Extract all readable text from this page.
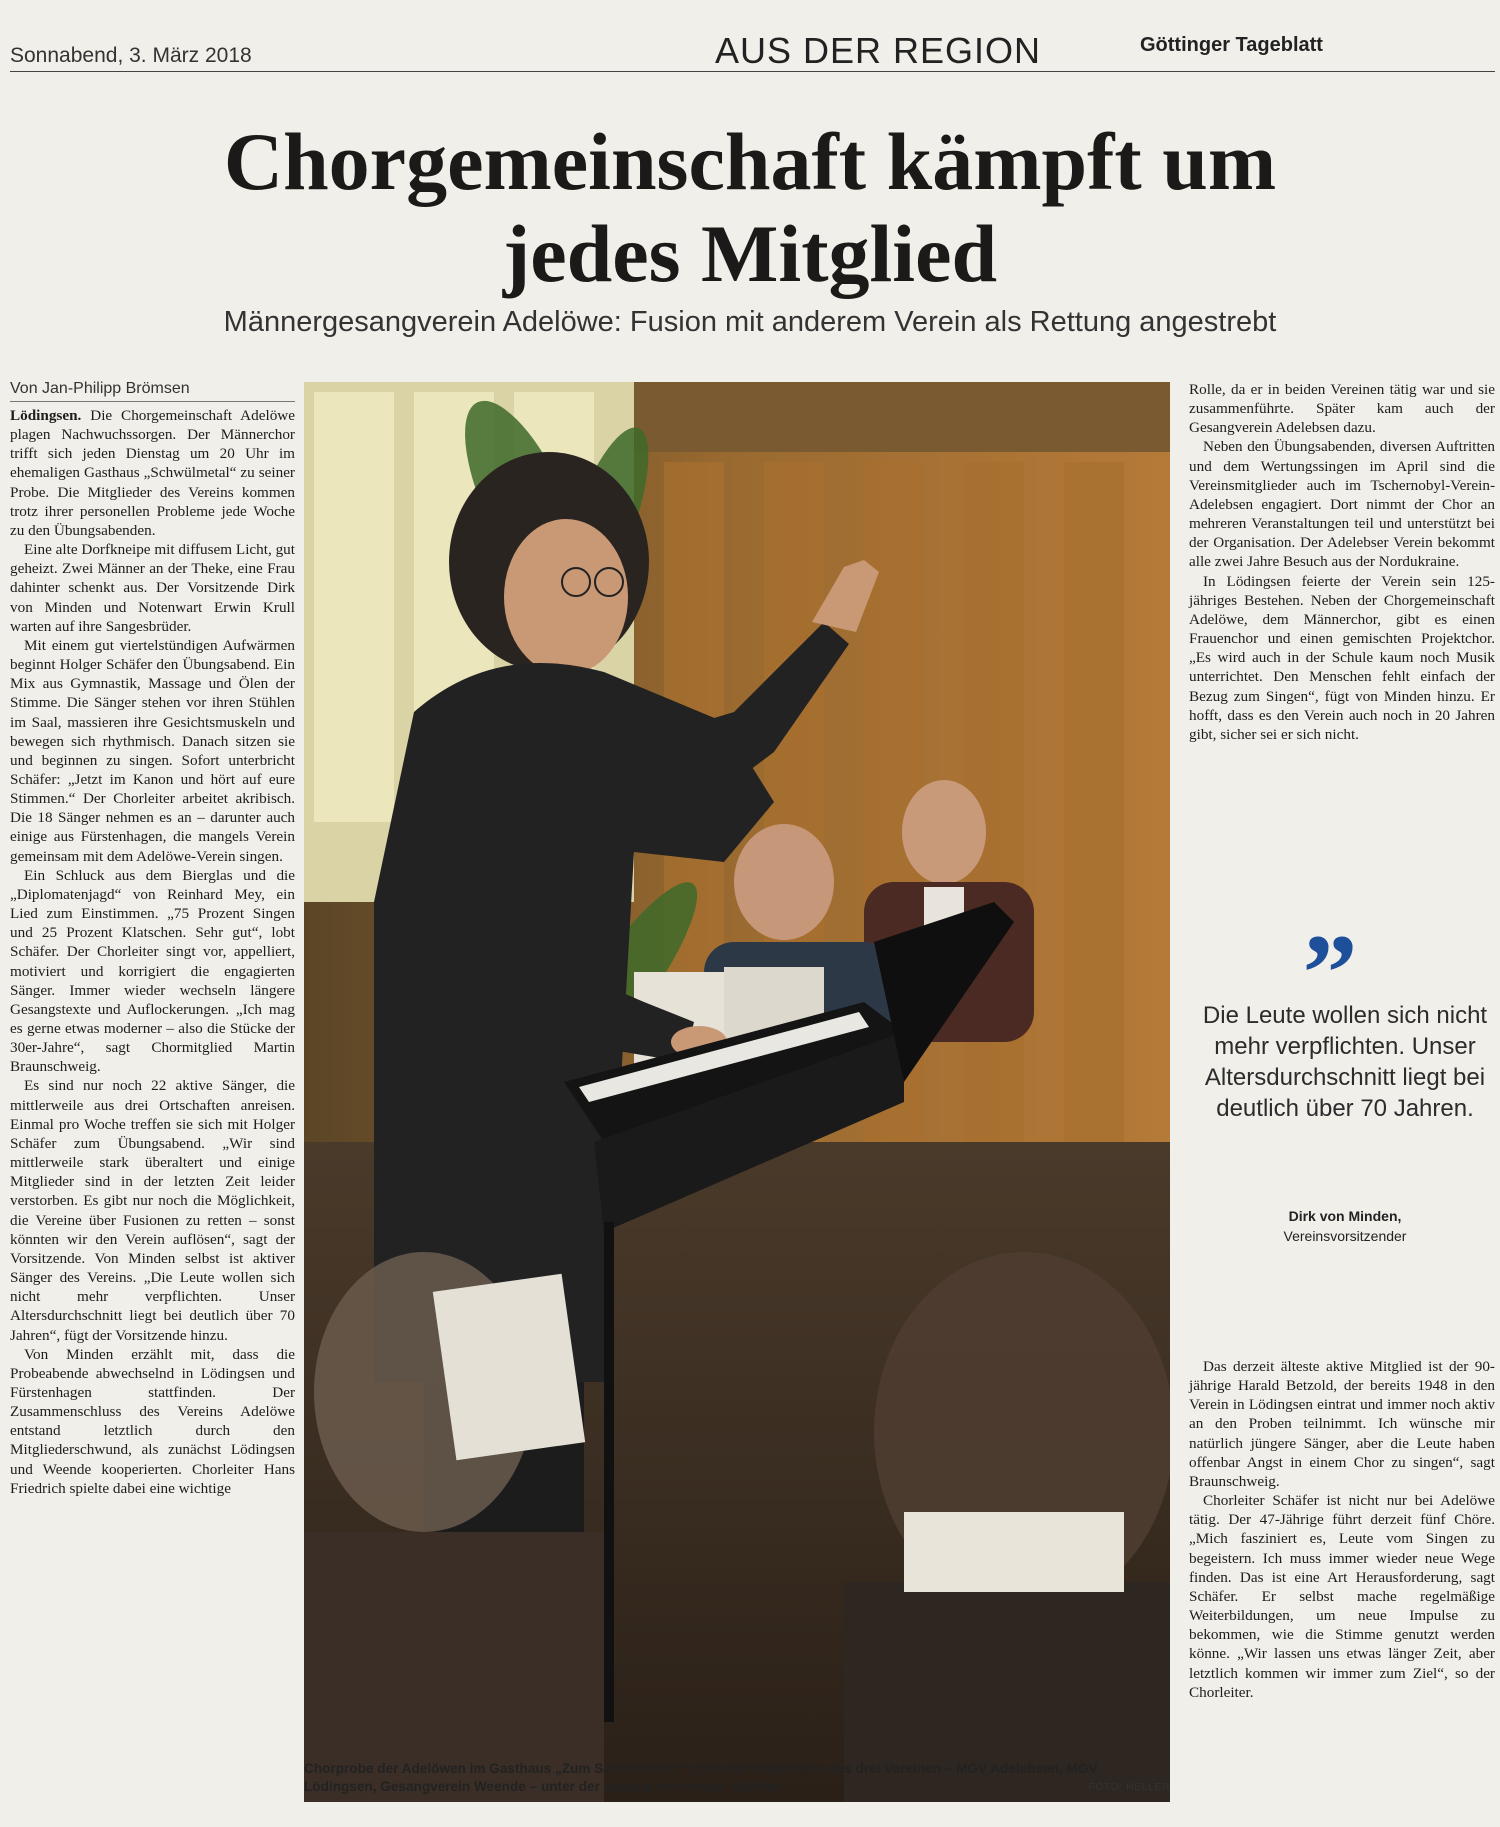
Sonnabend, 3. März 2018	AUS DER REGION	Göttinger Tageblatt
Chorgemeinschaft kämpft um jedes Mitglied
Männergesangverein Adelöwe: Fusion mit anderem Verein als Rettung angestrebt
Von Jan-Philipp Brömsen

Lödingsen. Die Chorgemeinschaft Adelöwe plagen Nachwuchssorgen. Der Männerchor trifft sich jeden Dienstag um 20 Uhr im ehemaligen Gasthaus „Schwülmetal“ zu seiner Probe. Die Mitglieder des Vereins kommen trotz ihrer personellen Probleme jede Woche zu den Übungsabenden.

Eine alte Dorfkneipe mit diffusem Licht, gut geheizt. Zwei Männer an der Theke, eine Frau dahinter schenkt aus. Der Vorsitzende Dirk von Minden und Notenwart Erwin Krull warten auf ihre Sangesbrüder.

Mit einem gut viertelstündigen Aufwärmen beginnt Holger Schäfer den Übungsabend. Ein Mix aus Gymnastik, Massage und Ölen der Stimme. Die Sänger stehen vor ihren Stühlen im Saal, massieren ihre Gesichtsmuskeln und bewegen sich rhythmisch. Danach sitzen sie und beginnen zu singen. Sofort unterbricht Schäfer: „Jetzt im Kanon und hört auf eure Stimmen.“ Der Chorleiter arbeitet akribisch. Die 18 Sänger nehmen es an – darunter auch einige aus Fürstenhagen, die mangels Verein gemeinsam mit dem Adelöwe-Verein singen.

Ein Schluck aus dem Bierglas und die „Diplomatenjagd“ von Reinhard Mey, ein Lied zum Einstimmen. „75 Prozent Singen und 25 Prozent Klatschen. Sehr gut“, lobt Schäfer. Der Chorleiter singt vor, appelliert, motiviert und korrigiert die engagierten Sänger. Immer wieder wechseln längere Gesangstexte und Auflockerungen. „Ich mag es gerne etwas moderner – also die Stücke der 30er-Jahre“, sagt Chormitglied Martin Braunschweig.

Es sind nur noch 22 aktive Sänger, die mittlerweile aus drei Ortschaften anreisen. Einmal pro Woche treffen sie sich mit Holger Schäfer zum Übungsabend. „Wir sind mittlerweile stark überaltert und einige Mitglieder sind in der letzten Zeit leider verstorben. Es gibt nur noch die Möglichkeit, die Vereine über Fusionen zu retten – sonst könnten wir den Verein auflösen“, sagt der Vorsitzende. Von Minden selbst ist aktiver Sänger des Vereins. „Die Leute wollen sich nicht mehr verpflichten. Unser Altersdurchschnitt liegt bei deutlich über 70 Jahren“, fügt der Vorsitzende hinzu.

Von Minden erzählt mit, dass die Probeabende abwechselnd in Lödingsen und Fürstenhagen stattfinden. Der Zusammenschluss des Vereins Adelöwe entstand letztlich durch den Mitgliederschwund, als zunächst Lödingsen und Weende kooperierten. Chorleiter Hans Friedrich spielte dabei eine wichtige

Chorprobe der Adelöwen im Gasthaus „Zum Schwülmetal“: Chor mit Mitgliedern aus drei Vereinen – MGV Adelebsen, MGV Lödingsen, Gesangverein Weende – unter der Leitung von Holger Schäfer.	FOTO: HELLER

Rolle, da er in beiden Vereinen tätig war und sie zusammenführte. Später kam auch der Gesangverein Adelebsen dazu.

Neben den Übungsabenden, diversen Auftritten und dem Wertungssingen im April sind die Vereinsmitglieder auch im Tschernobyl-Verein-Adelebsen engagiert. Dort nimmt der Chor an mehreren Veranstaltungen teil und unterstützt bei der Organisation. Der Adelebser Verein bekommt alle zwei Jahre Besuch aus der Nordukraine.

In Lödingsen feierte der Verein sein 125-jähriges Bestehen. Neben der Chorgemeinschaft Adelöwe, dem Männerchor, gibt es einen Frauenchor und einen gemischten Projektchor. „Es wird auch in der Schule kaum noch Musik unterrichtet. Den Menschen fehlt einfach der Bezug zum Singen“, fügt von Minden hinzu. Er hofft, dass es den Verein auch noch in 20 Jahren gibt, sicher sei er sich nicht.

”
Die Leute wollen sich nicht mehr verpflichten. Unser Altersdurchschnitt liegt bei deutlich über 70 Jahren.
Dirk von Minden,
Vereinsvorsitzender

Das derzeit älteste aktive Mitglied ist der 90-jährige Harald Betzold, der bereits 1948 in den Verein in Lödingsen eintrat und immer noch aktiv an den Proben teilnimmt. Ich wünsche mir natürlich jüngere Sänger, aber die Leute haben offenbar Angst in einem Chor zu singen“, sagt Braunschweig.

Chorleiter Schäfer ist nicht nur bei Adelöwe tätig. Der 47-Jährige führt derzeit fünf Chöre. „Mich fasziniert es, Leute vom Singen zu begeistern. Ich muss immer wieder neue Wege finden. Das ist eine Art Herausforderung, sagt Schäfer. Er selbst mache regelmäßige Weiterbildungen, um neue Impulse zu bekommen, wie die Stimme genutzt werden könne. „Wir lassen uns etwas länger Zeit, aber letztlich kommen wir immer zum Ziel“, so der Chorleiter.
